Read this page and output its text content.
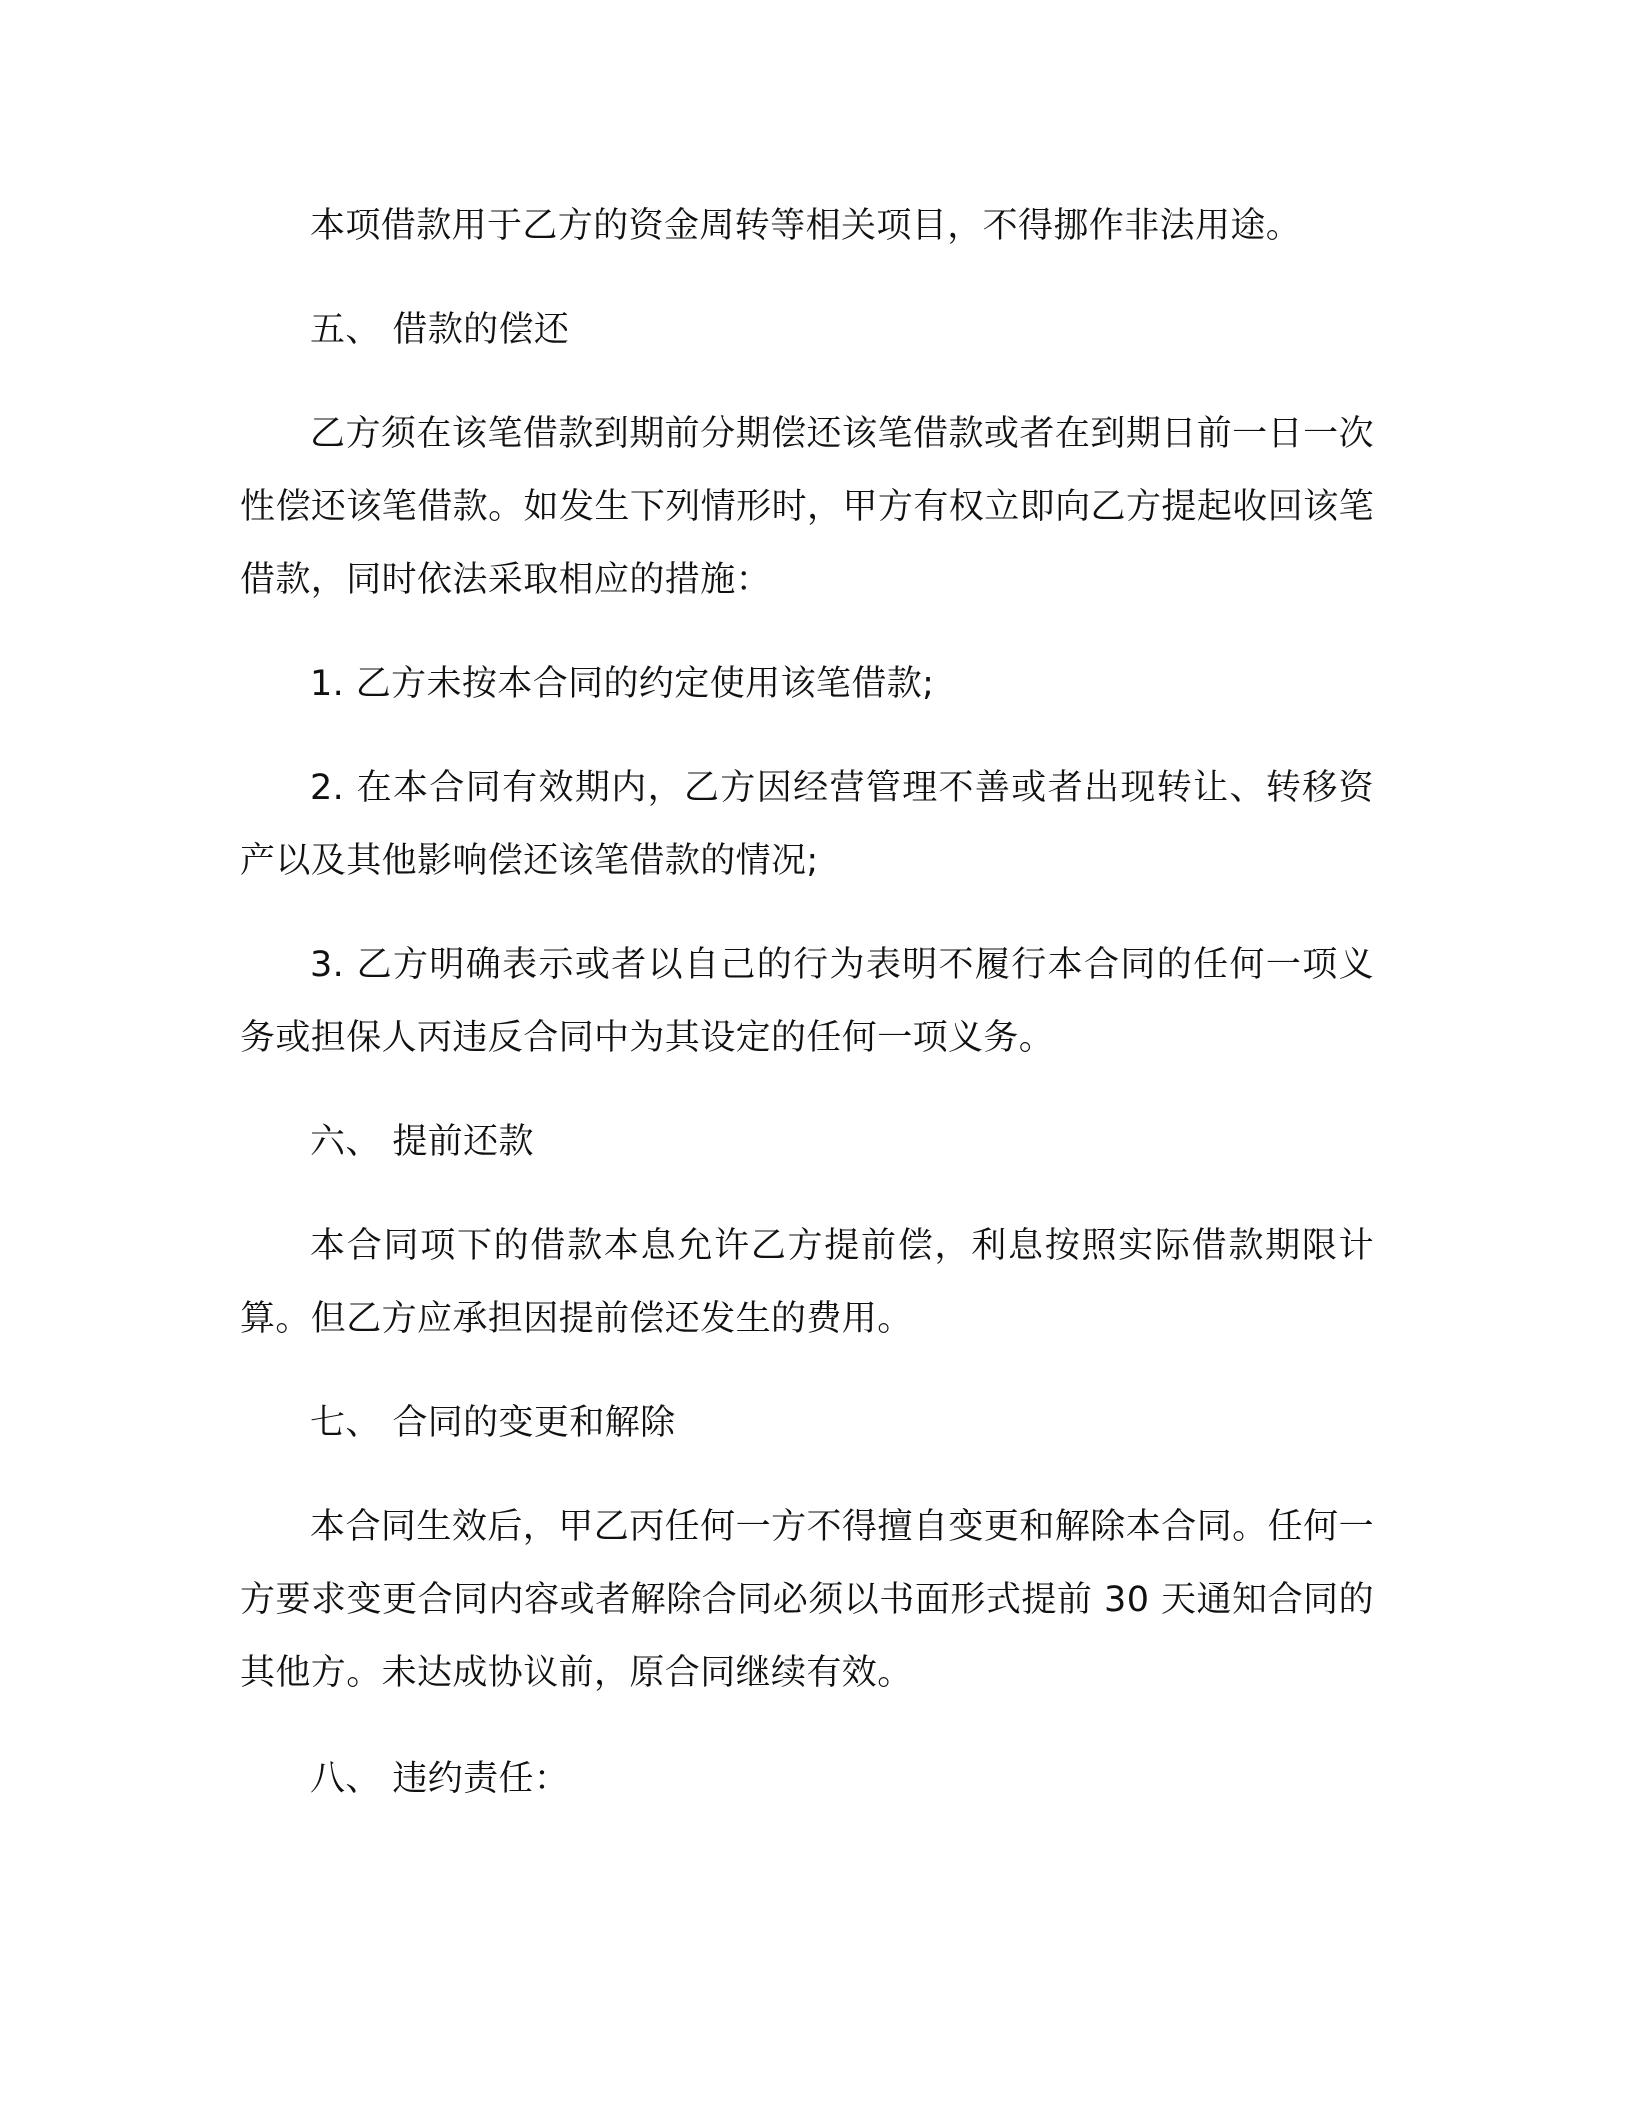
本项借款用于乙方的资金周转等相关项目，不得挪作非法用途。

五、 借款的偿还

乙方须在该笔借款到期前分期偿还该笔借款或者在到期日前一日一次性偿还该笔借款。如发生下列情形时，甲方有权立即向乙方提起收回该笔借款，同时依法采取相应的措施：

1. 乙方未按本合同的约定使用该笔借款;

2. 在本合同有效期内，乙方因经营管理不善或者出现转让、转移资产以及其他影响偿还该笔借款的情况;

3. 乙方明确表示或者以自己的行为表明不履行本合同的任何一项义务或担保人丙违反合同中为其设定的任何一项义务。

六、 提前还款

本合同项下的借款本息允许乙方提前偿，利息按照实际借款期限计算。但乙方应承担因提前偿还发生的费用。

七、 合同的变更和解除

本合同生效后，甲乙丙任何一方不得擅自变更和解除本合同。任何一方要求变更合同内容或者解除合同必须以书面形式提前 30 天通知合同的其他方。未达成协议前，原合同继续有效。

八、 违约责任：
